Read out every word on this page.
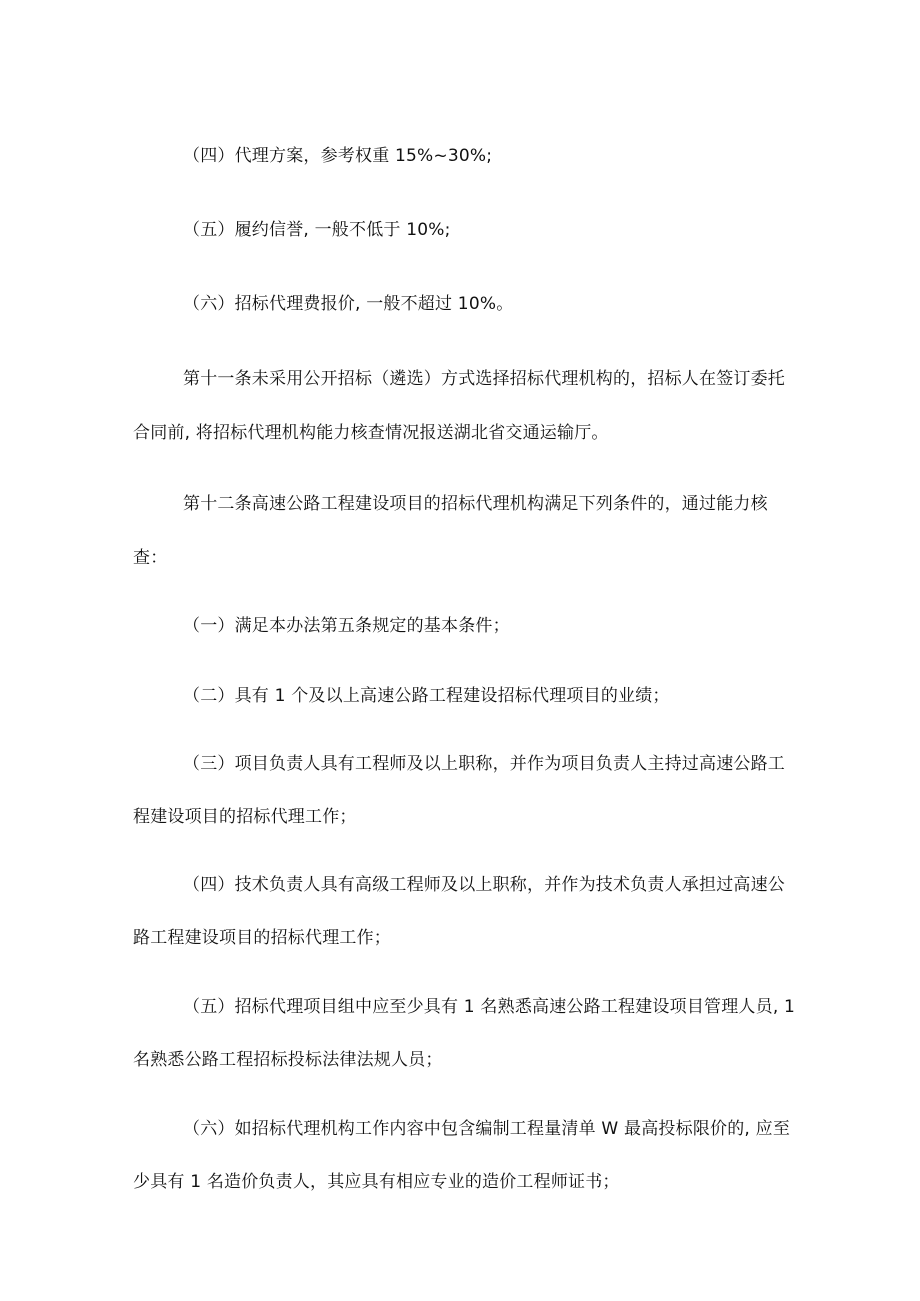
（四）代理方案，参考权重 15%~30%;
（五）履约信誉, 一般不低于 10%;
（六）招标代理费报价, 一般不超过 10%。
第十一条未采用公开招标（遴选）方式选择招标代理机构的，招标人在签订委托
合同前, 将招标代理机构能力核查情况报送湖北省交通运输厅。
第十二条高速公路工程建设项目的招标代理机构满足下列条件的，通过能力核
查：
（一）满足本办法第五条规定的基本条件；
（二）具有 1 个及以上高速公路工程建设招标代理项目的业绩；
（三）项目负责人具有工程师及以上职称，并作为项目负责人主持过高速公路工
程建设项目的招标代理工作；
（四）技术负责人具有高级工程师及以上职称，并作为技术负责人承担过高速公
路工程建设项目的招标代理工作；
（五）招标代理项目组中应至少具有 1 名熟悉高速公路工程建设项目管理人员, 1
名熟悉公路工程招标投标法律法规人员；
（六）如招标代理机构工作内容中包含编制工程量清单 W 最高投标限价的, 应至
少具有 1 名造价负责人，其应具有相应专业的造价工程师证书；
